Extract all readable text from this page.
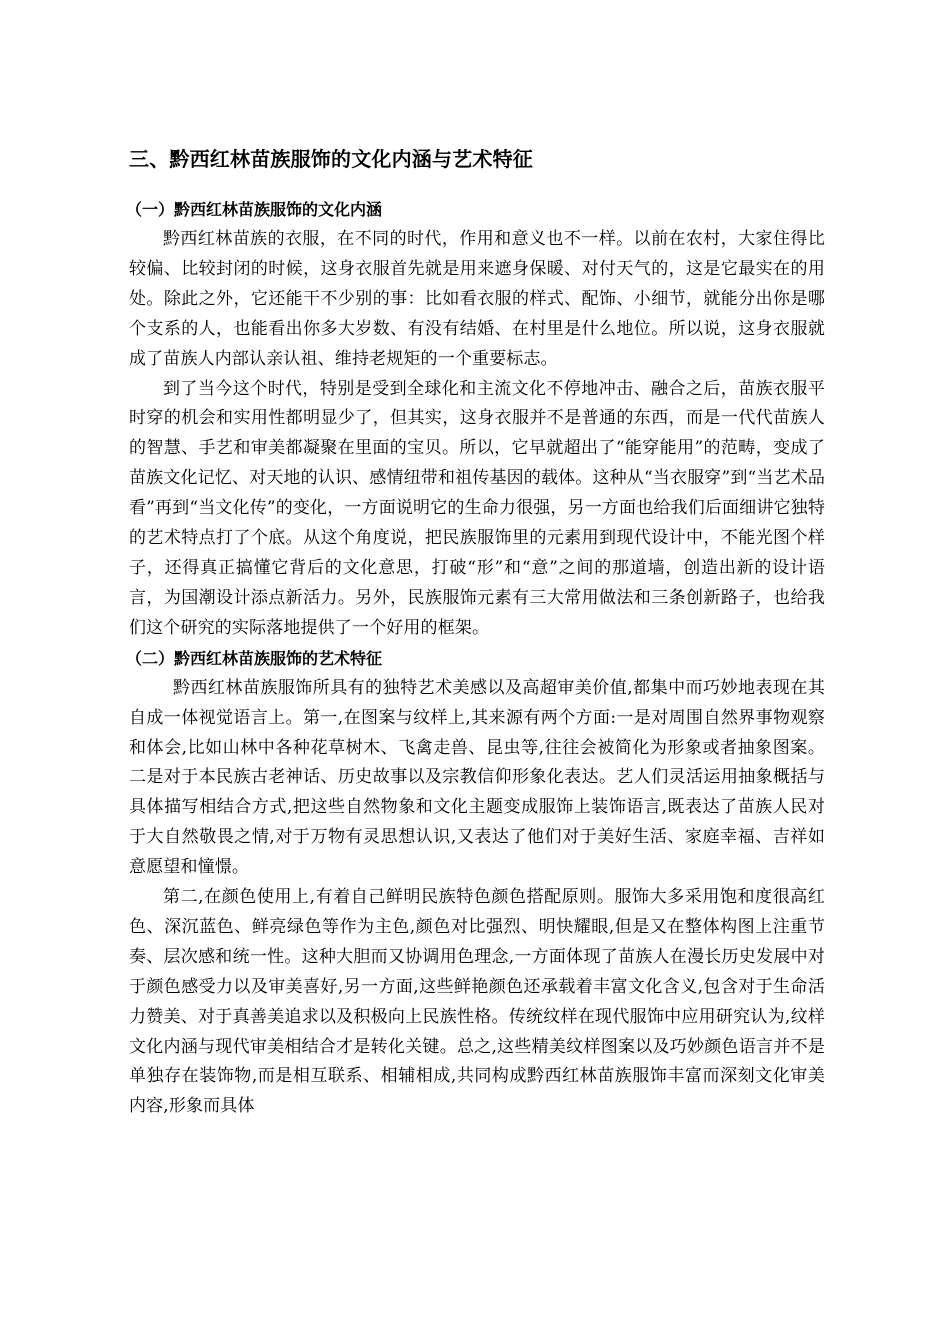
三、黔西红林苗族服饰的文化内涵与艺术特征
（一）黔西红林苗族服饰的文化内涵

黔西红林苗族的衣服，在不同的时代，作用和意义也不一样。以前在农村，大家住得比较偏、比较封闭的时候，这身衣服首先就是用来遮身保暖、对付天气的，这是它最实在的用处。除此之外，它还能干不少别的事：比如看衣服的样式、配饰、小细节，就能分出你是哪个支系的人，也能看出你多大岁数、有没有结婚、在村里是什么地位。所以说，这身衣服就成了苗族人内部认亲认祖、维持老规矩的一个重要标志。

到了当今这个时代，特别是受到全球化和主流文化不停地冲击、融合之后，苗族衣服平时穿的机会和实用性都明显少了，但其实，这身衣服并不是普通的东西，而是一代代苗族人的智慧、手艺和审美都凝聚在里面的宝贝。所以，它早就超出了“能穿能用”的范畴，变成了苗族文化记忆、对天地的认识、感情纽带和祖传基因的载体。这种从“当衣服穿”到“当艺术品看”再到“当文化传”的变化，一方面说明它的生命力很强，另一方面也给我们后面细讲它独特的艺术特点打了个底。从这个角度说，把民族服饰里的元素用到现代设计中，不能光图个样子，还得真正搞懂它背后的文化意思，打破“形”和“意”之间的那道墙，创造出新的设计语言，为国潮设计添点新活力。另外，民族服饰元素有三大常用做法和三条创新路子，也给我们这个研究的实际落地提供了一个好用的框架。

（二）黔西红林苗族服饰的艺术特征

黔西红林苗族服饰所具有的独特艺术美感以及高超审美价值,都集中而巧妙地表现在其自成一体视觉语言上。第一,在图案与纹样上,其来源有两个方面:一是对周围自然界事物观察和体会,比如山林中各种花草树木、飞禽走兽、昆虫等,往往会被简化为形象或者抽象图案。二是对于本民族古老神话、历史故事以及宗教信仰形象化表达。艺人们灵活运用抽象概括与具体描写相结合方式,把这些自然物象和文化主题变成服饰上装饰语言,既表达了苗族人民对于大自然敬畏之情,对于万物有灵思想认识,又表达了他们对于美好生活、家庭幸福、吉祥如意愿望和憧憬。

第二,在颜色使用上,有着自己鲜明民族特色颜色搭配原则。服饰大多采用饱和度很高红色、深沉蓝色、鲜亮绿色等作为主色,颜色对比强烈、明快耀眼,但是又在整体构图上注重节奏、层次感和统一性。这种大胆而又协调用色理念,一方面体现了苗族人在漫长历史发展中对于颜色感受力以及审美喜好,另一方面,这些鲜艳颜色还承载着丰富文化含义,包含对于生命活力赞美、对于真善美追求以及积极向上民族性格。传统纹样在现代服饰中应用研究认为,纹样文化内涵与现代审美相结合才是转化关键。总之,这些精美纹样图案以及巧妙颜色语言并不是单独存在装饰物,而是相互联系、相辅相成,共同构成黔西红林苗族服饰丰富而深刻文化审美内容,形象而具体
